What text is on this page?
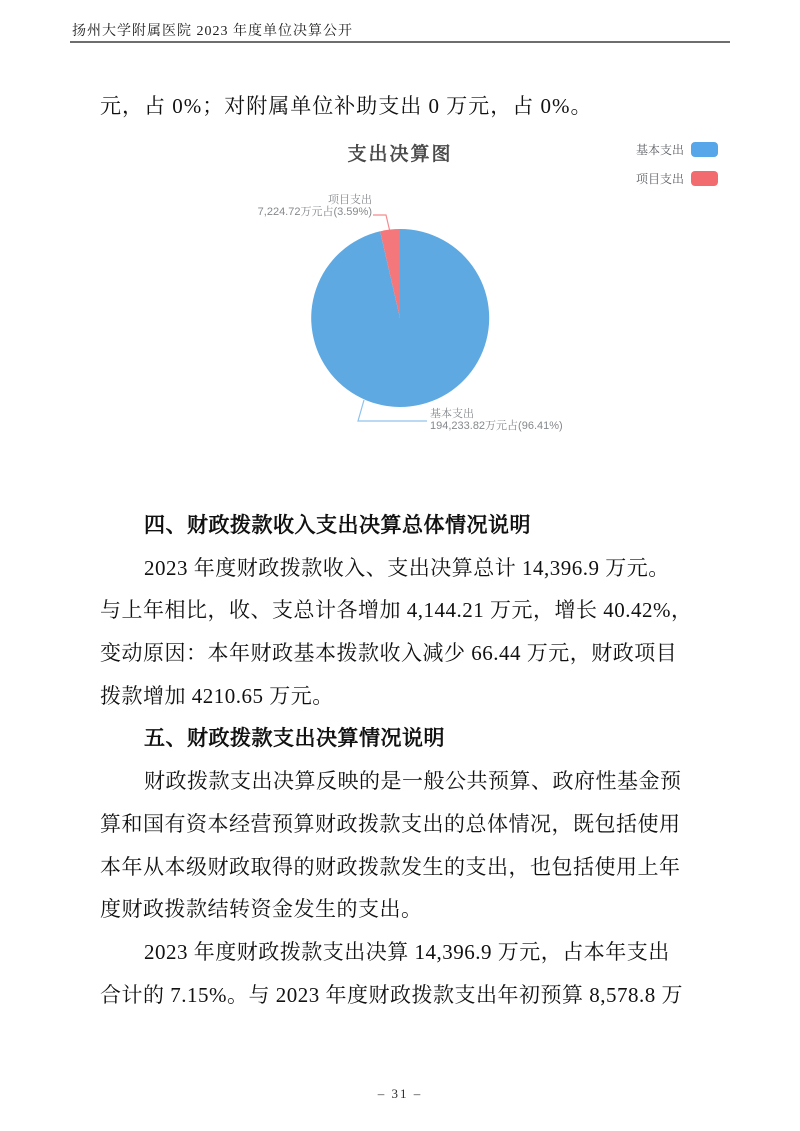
扬州大学附属医院 2023 年度单位决算公开
元，占 0%；对附属单位补助支出 0 万元，占 0%。
支出决算图	基本支出
项目支出
项目支出
7,224.72万元占(3.59%)
基本支出
194,233.82万元占(96.41%)
四、财政拨款收入支出决算总体情况说明
2023 年度财政拨款收入、支出决算总计 14,396.9 万元。
与上年相比，收、支总计各增加 4,144.21 万元，增长 40.42%，
变动原因：本年财政基本拨款收入减少 66.44 万元，财政项目
拨款增加 4210.65 万元。
五、财政拨款支出决算情况说明
财政拨款支出决算反映的是一般公共预算、政府性基金预
算和国有资本经营预算财政拨款支出的总体情况，既包括使用
本年从本级财政取得的财政拨款发生的支出，也包括使用上年
度财政拨款结转资金发生的支出。
2023 年度财政拨款支出决算 14,396.9 万元，占本年支出
合计的 7.15%。与 2023 年度财政拨款支出年初预算 8,578.8 万
– 31 –
